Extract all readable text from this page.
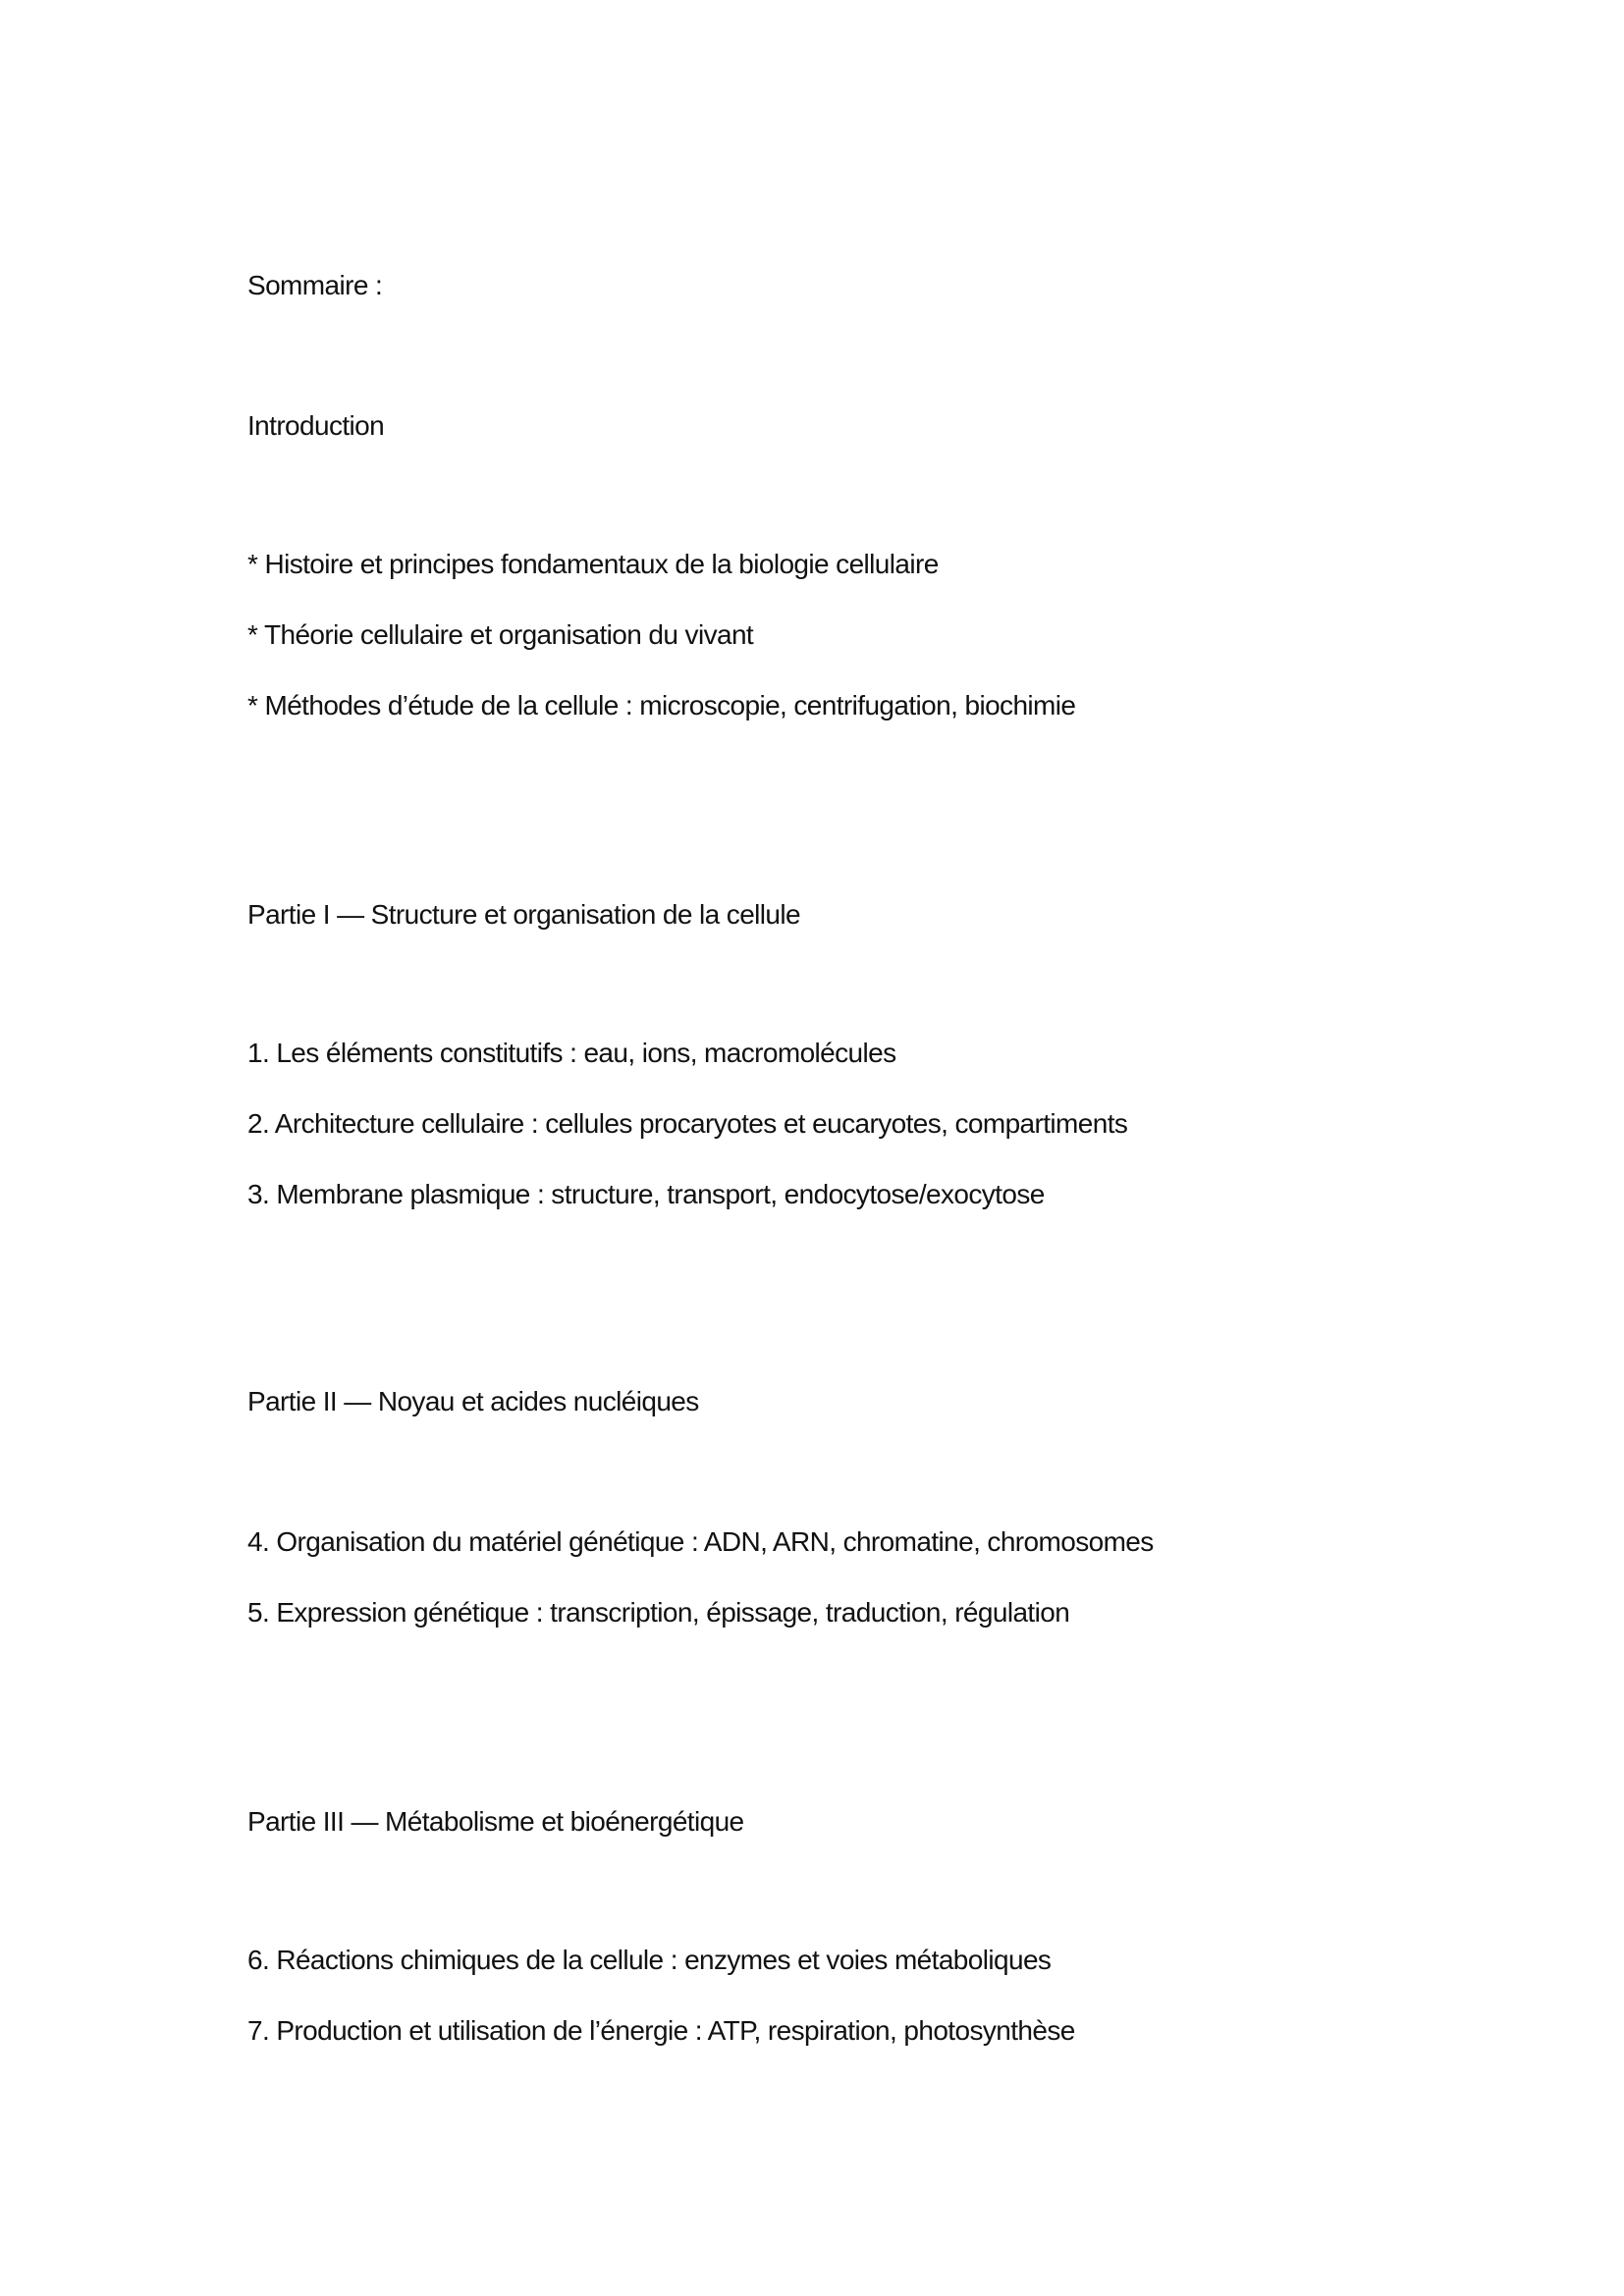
Sommaire :
Introduction
* Histoire et principes fondamentaux de la biologie cellulaire
* Théorie cellulaire et organisation du vivant
* Méthodes d’étude de la cellule : microscopie, centrifugation, biochimie
Partie I — Structure et organisation de la cellule
1. Les éléments constitutifs : eau, ions, macromolécules
2. Architecture cellulaire : cellules procaryotes et eucaryotes, compartiments
3. Membrane plasmique : structure, transport, endocytose/exocytose
Partie II — Noyau et acides nucléiques
4. Organisation du matériel génétique : ADN, ARN, chromatine, chromosomes
5. Expression génétique : transcription, épissage, traduction, régulation
Partie III — Métabolisme et bioénergétique
6. Réactions chimiques de la cellule : enzymes et voies métaboliques
7. Production et utilisation de l’énergie : ATP, respiration, photosynthèse
